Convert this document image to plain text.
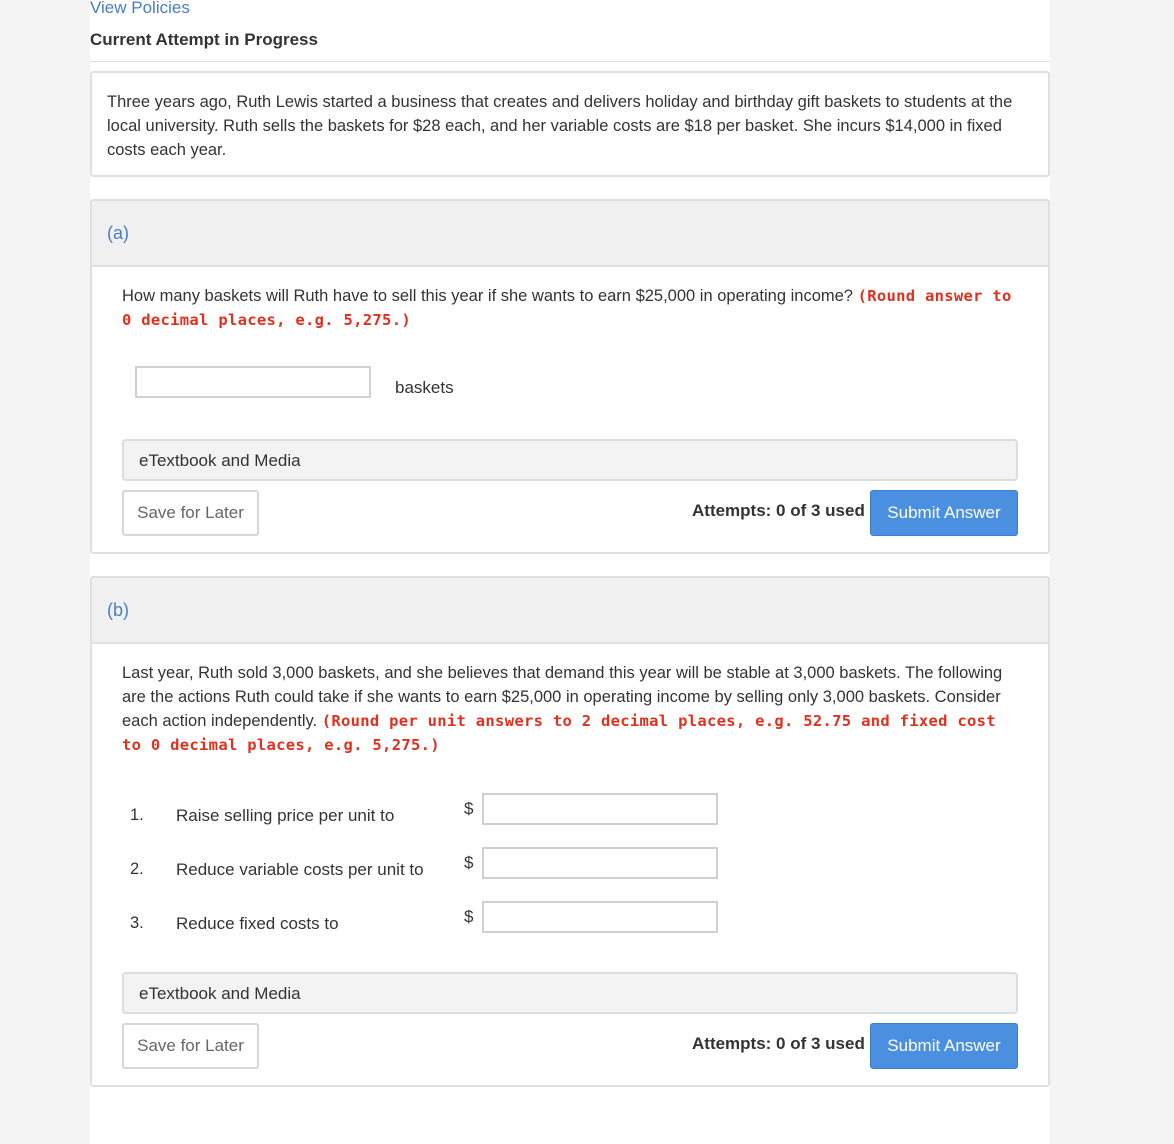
View Policies
Current Attempt in Progress

Three years ago, Ruth Lewis started a business that creates and delivers holiday and birthday gift baskets to students at the local university. Ruth sells the baskets for $28 each, and her variable costs are $18 per basket. She incurs $14,000 in fixed costs each year.

(a)
How many baskets will Ruth have to sell this year if she wants to earn $25,000 in operating income? (Round answer to 0 decimal places, e.g. 5,275.)
baskets
eTextbook and Media
Save for Later	Attempts: 0 of 3 used	Submit Answer
(b)
Last year, Ruth sold 3,000 baskets, and she believes that demand this year will be stable at 3,000 baskets. The following are the actions Ruth could take if she wants to earn $25,000 in operating income by selling only 3,000 baskets. Consider each action independently. (Round per unit answers to 2 decimal places, e.g. 52.75 and fixed cost to 0 decimal places, e.g. 5,275.)
1. Raise selling price per unit to	$
2. Reduce variable costs per unit to $
3. Reduce fixed costs to	$
eTextbook and Media
Save for Later	Attempts: 0 of 3 used	Submit Answer
